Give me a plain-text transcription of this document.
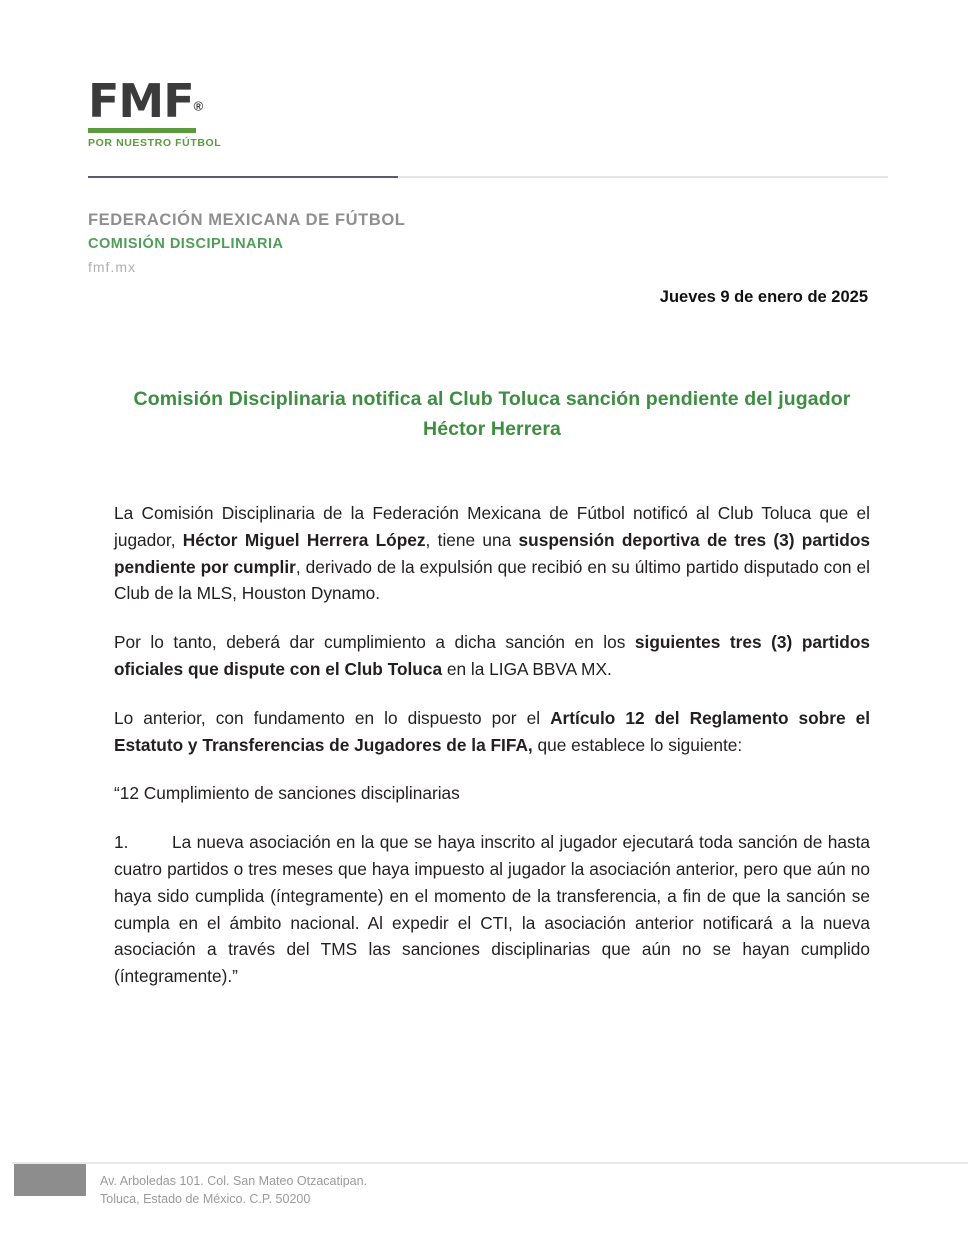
FMF®
POR NUESTRO FÚTBOL
FEDERACIÓN MEXICANA DE FÚTBOL
COMISIÓN DISCIPLINARIA
fmf.mx
Jueves 9 de enero de 2025
Comisión Disciplinaria notifica al Club Toluca sanción pendiente del jugador Héctor Herrera

La Comisión Disciplinaria de la Federación Mexicana de Fútbol notificó al Club Toluca que el jugador, Héctor Miguel Herrera López, tiene una suspensión deportiva de tres (3) partidos pendiente por cumplir, derivado de la expulsión que recibió en su último partido disputado con el Club de la MLS, Houston Dynamo.

Por lo tanto, deberá dar cumplimiento a dicha sanción en los siguientes tres (3) partidos oficiales que dispute con el Club Toluca en la LIGA BBVA MX.

Lo anterior, con fundamento en lo dispuesto por el Artículo 12 del Reglamento sobre el Estatuto y Transferencias de Jugadores de la FIFA, que establece lo siguiente:

“12 Cumplimiento de sanciones disciplinarias

1.	La nueva asociación en la que se haya inscrito al jugador ejecutará toda sanción de hasta cuatro partidos o tres meses que haya impuesto al jugador la asociación anterior, pero que aún no haya sido cumplida (íntegramente) en el momento de la transferencia, a fin de que la sanción se cumpla en el ámbito nacional. Al expedir el CTI, la asociación anterior notificará a la nueva asociación a través del TMS las sanciones disciplinarias que aún no se hayan cumplido (íntegramente).”

Av. Arboledas 101. Col. San Mateo Otzacatipan.
Toluca, Estado de México. C.P. 50200
